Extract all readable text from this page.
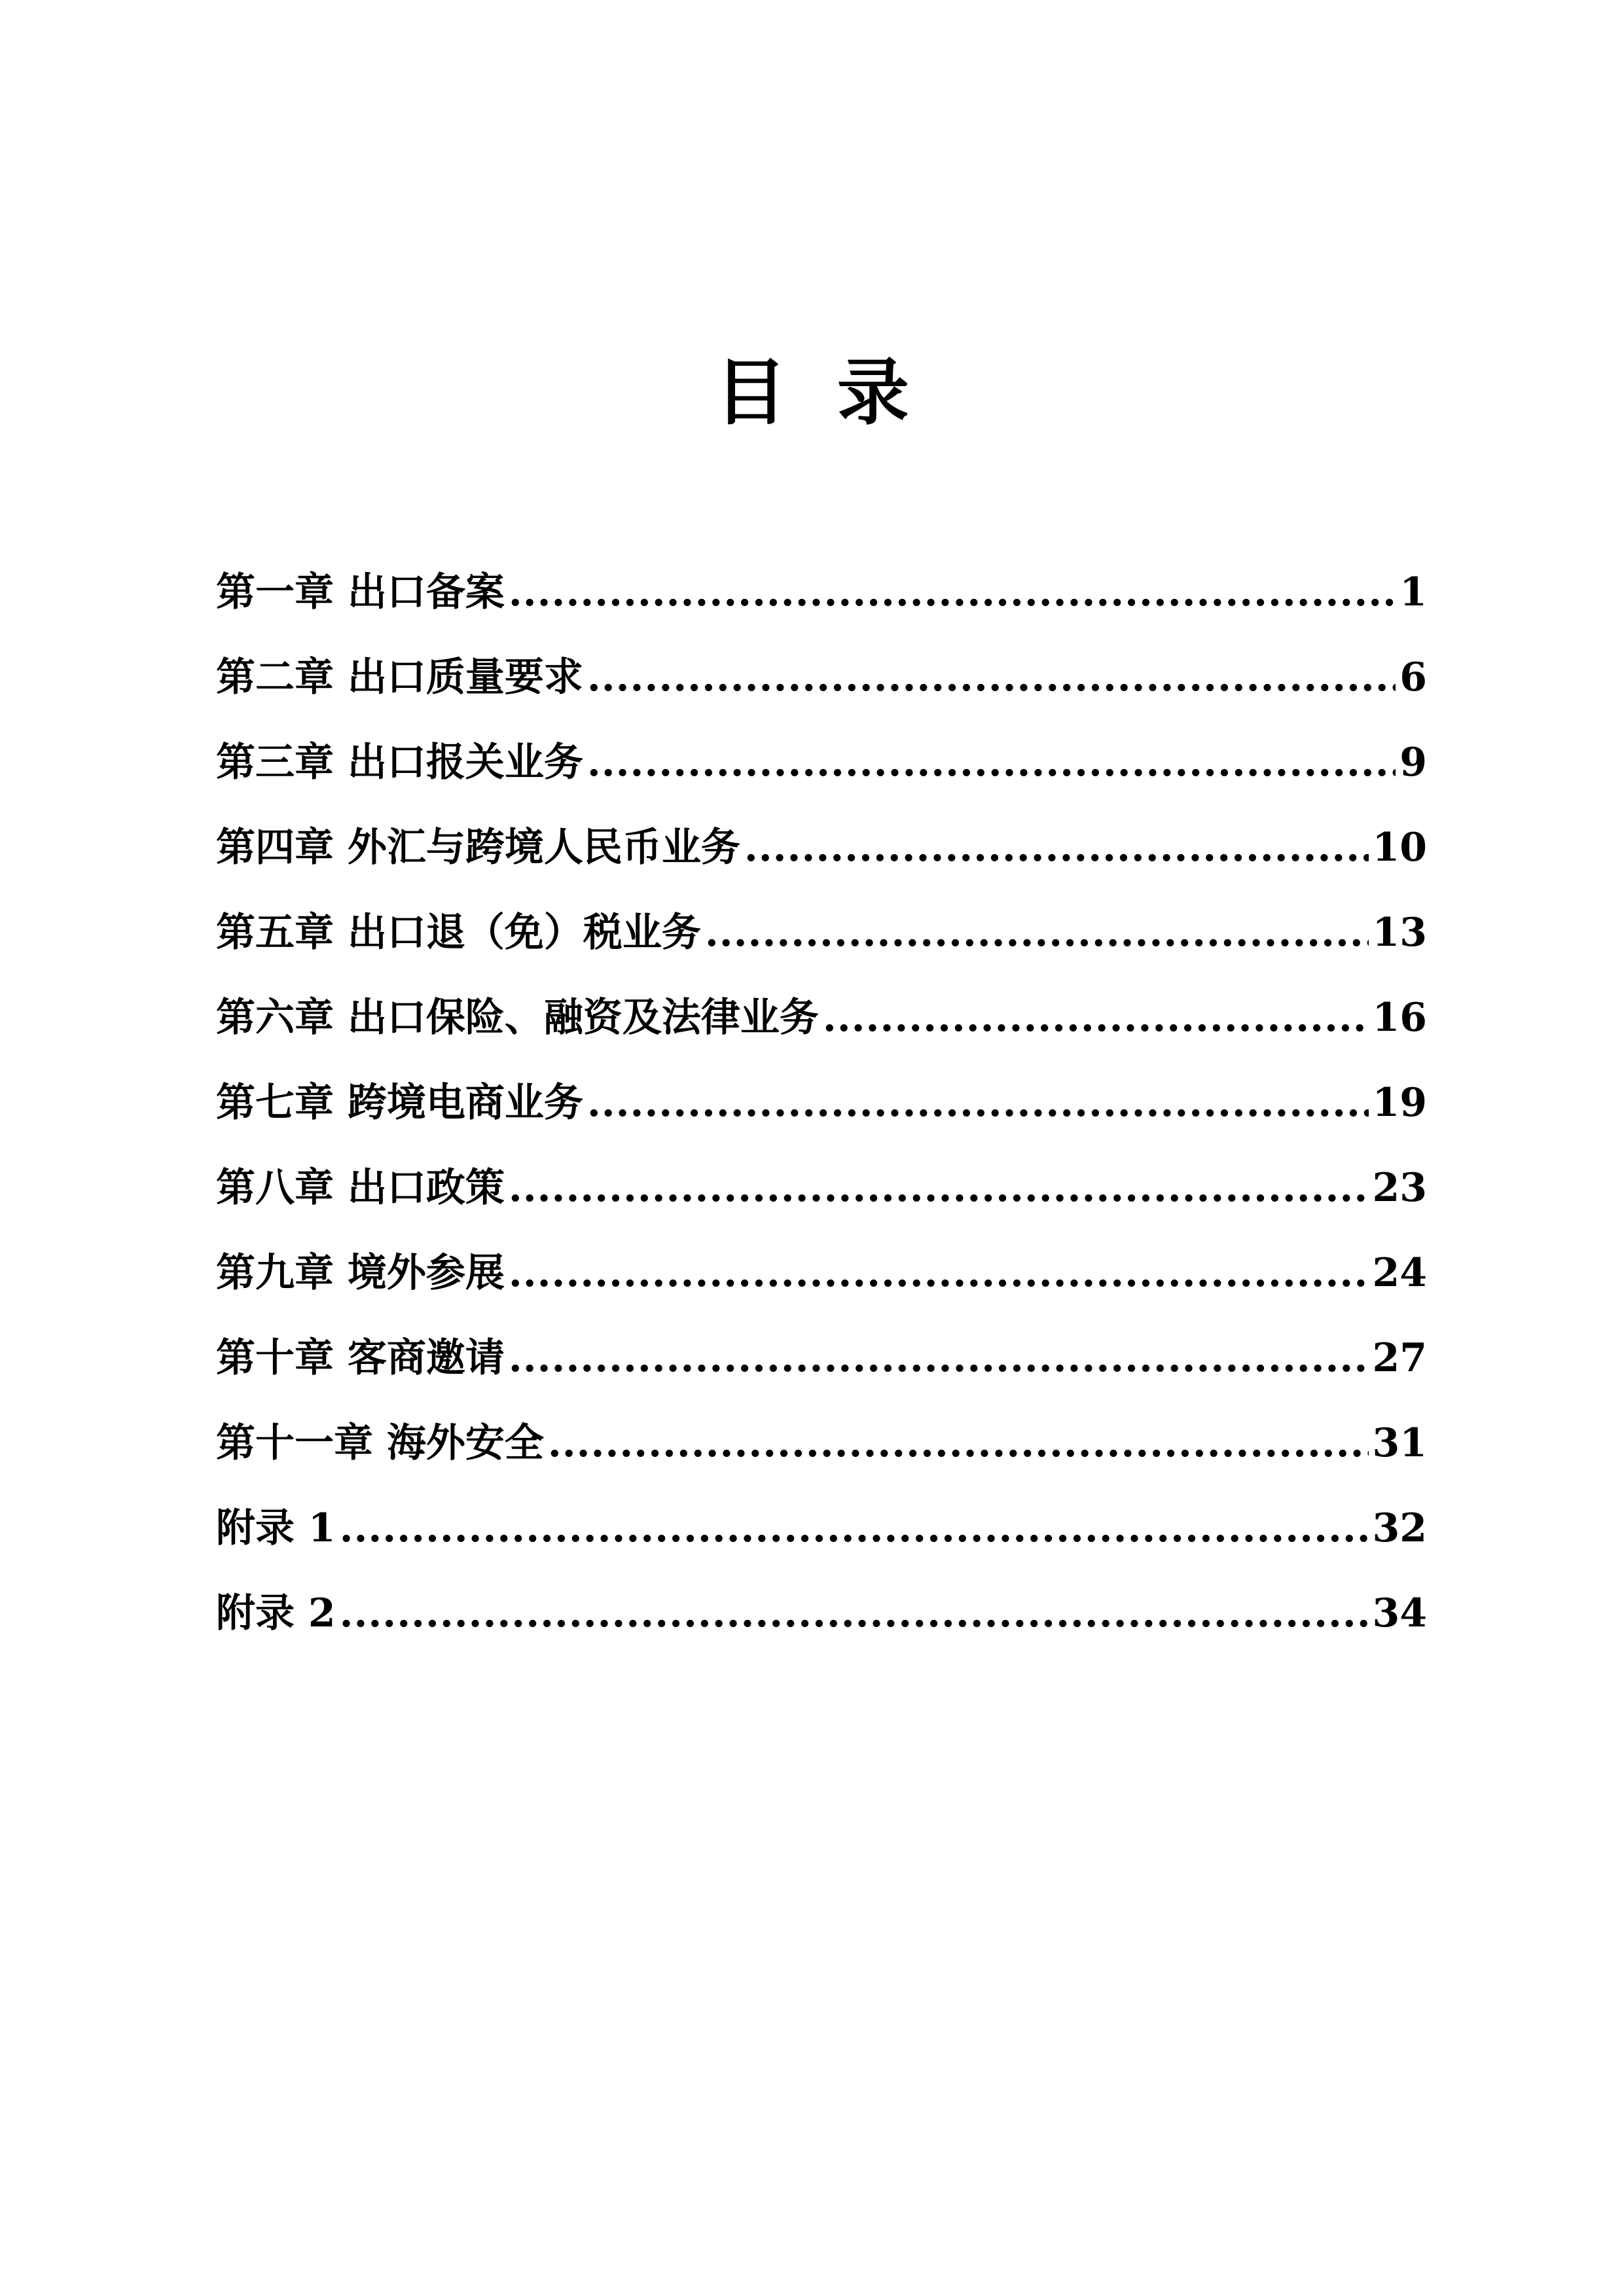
目  录
第一章 出口备案 .....	1
第二章 出口质量要求 .....	6
第三章 出口报关业务 .....	9
第四章 外汇与跨境人民币业务 .....	10
第五章 出口退（免）税业务 .....	13
第六章 出口保险、融资及法律业务 .....	16
第七章 跨境电商业务 .....	19
第八章 出口政策 .....	23
第九章 境外参展 .....	24
第十章 客商邀请 .....	27
第十一章 海外安全 .....	31
附录 1 .....	32
附录 2 .....	34
